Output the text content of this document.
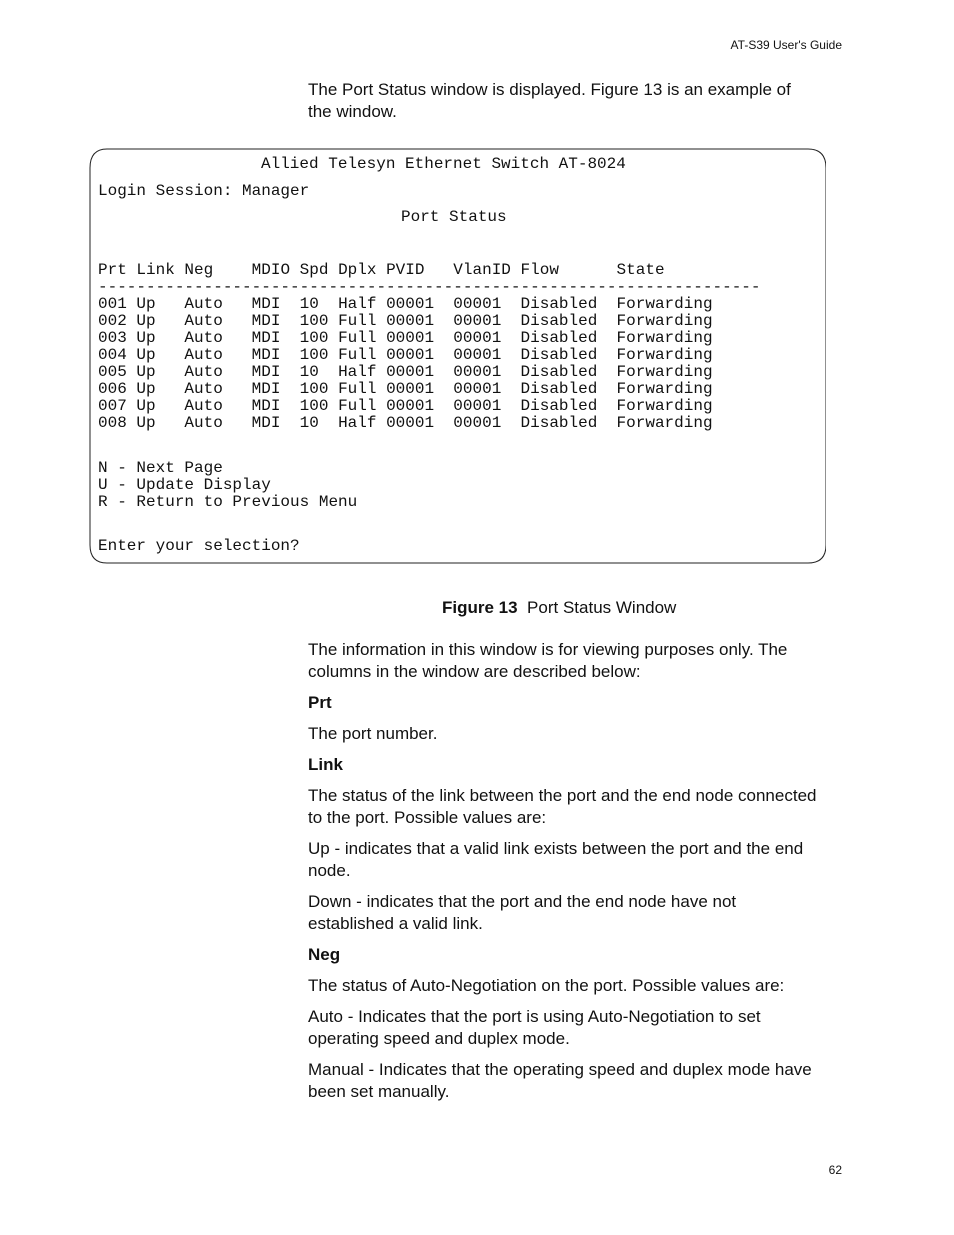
AT-S39 User's Guide
The Port Status window is displayed. Figure 13 is an example of the window.
Allied Telesyn Ethernet Switch AT-8024
Login Session: Manager
Port Status
Prt Link Neg    MDIO Spd Dplx PVID   VlanID Flow      State
---------------------------------------------------------------------
001 Up   Auto   MDI  10  Half 00001  00001  Disabled  Forwarding
002 Up   Auto   MDI  100 Full 00001  00001  Disabled  Forwarding
003 Up   Auto   MDI  100 Full 00001  00001  Disabled  Forwarding
004 Up   Auto   MDI  100 Full 00001  00001  Disabled  Forwarding
005 Up   Auto   MDI  10  Half 00001  00001  Disabled  Forwarding
006 Up   Auto   MDI  100 Full 00001  00001  Disabled  Forwarding
007 Up   Auto   MDI  100 Full 00001  00001  Disabled  Forwarding
008 Up   Auto   MDI  10  Half 00001  00001  Disabled  Forwarding
N - Next Page
U - Update Display
R - Return to Previous Menu
Enter your selection?
Figure 13 Port Status Window

The information in this window is for viewing purposes only. The columns in the window are described below:

Prt

The port number.

Link

The status of the link between the port and the end node connected to the port. Possible values are:

Up - indicates that a valid link exists between the port and the end node.

Down - indicates that the port and the end node have not established a valid link.

Neg

The status of Auto-Negotiation on the port. Possible values are:

Auto - Indicates that the port is using Auto-Negotiation to set operating speed and duplex mode.

Manual - Indicates that the operating speed and duplex mode have been set manually.

62
